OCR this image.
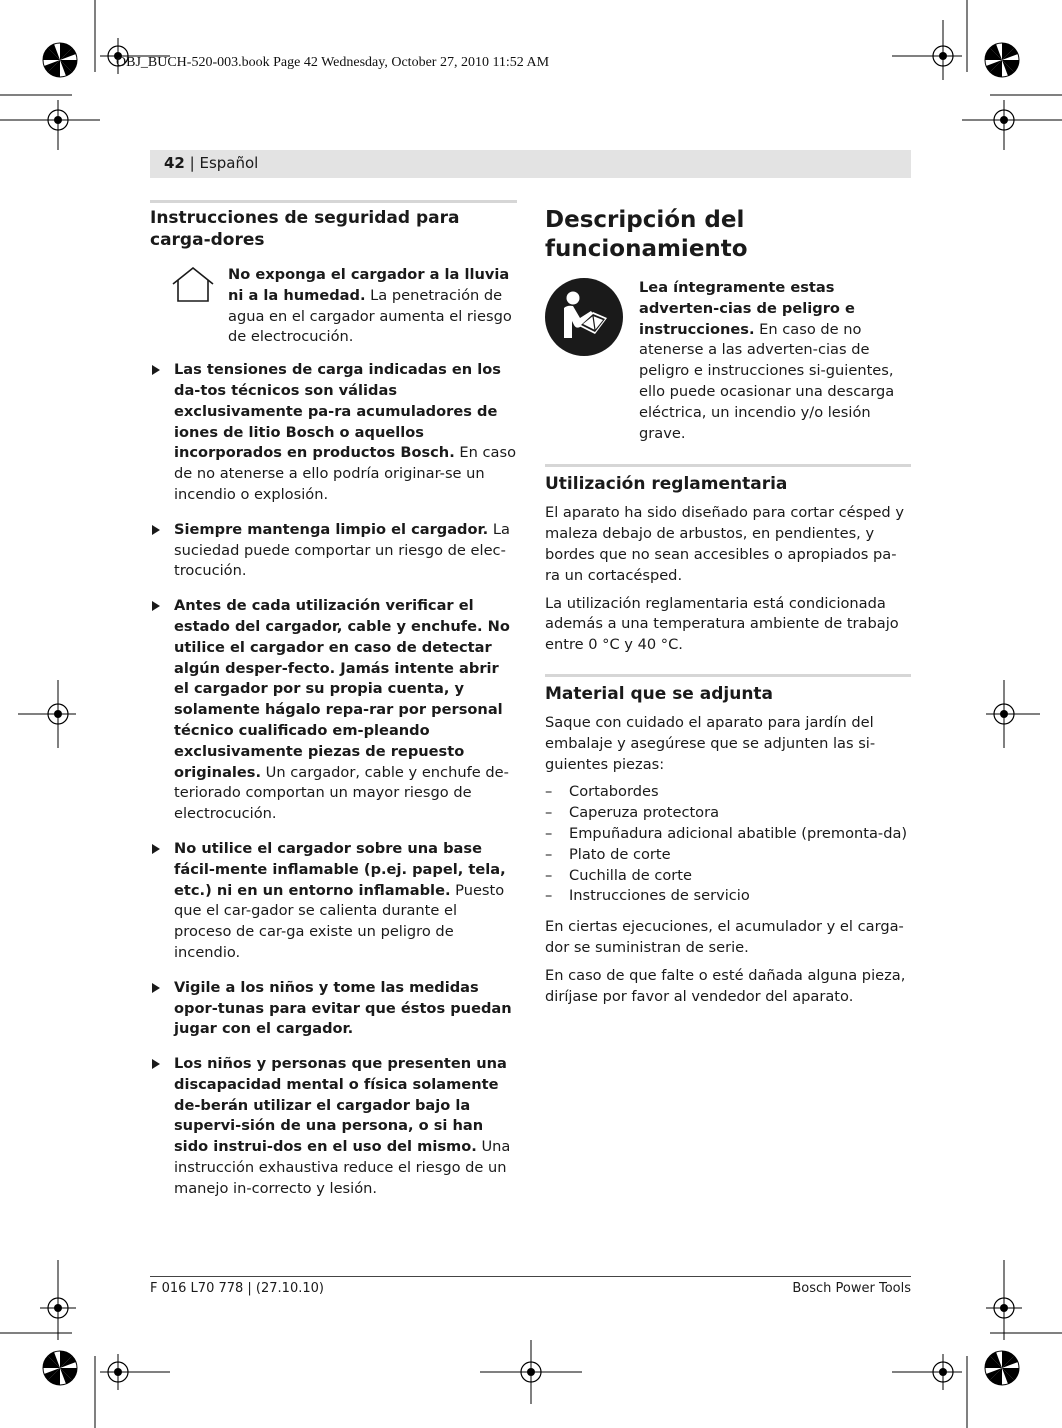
OBJ_BUCH-520-003.book Page 42 Wednesday, October 27, 2010 11:52 AM
42 | Español
Instrucciones de seguridad para carga-dores

No exponga el cargador a la lluvia ni a la humedad. La penetración de agua en el cargador aumenta el riesgo de electrocución.

Las tensiones de carga indicadas en los da-tos técnicos son válidas exclusivamente pa-ra acumuladores de iones de litio Bosch o aquellos incorporados en productos Bosch. En caso de no atenerse a ello podría originar-se un incendio o explosión.

Siempre mantenga limpio el cargador. La suciedad puede comportar un riesgo de elec-trocución.

Antes de cada utilización verificar el estado del cargador, cable y enchufe. No utilice el cargador en caso de detectar algún desper-fecto. Jamás intente abrir el cargador por su propia cuenta, y solamente hágalo repa-rar por personal técnico cualificado em-pleando exclusivamente piezas de repuesto originales. Un cargador, cable y enchufe de-teriorado comportan un mayor riesgo de electrocución.

No utilice el cargador sobre una base fácil-mente inflamable (p.ej. papel, tela, etc.) ni en un entorno inflamable. Puesto que el car-gador se calienta durante el proceso de car-ga existe un peligro de incendio.

Vigile a los niños y tome las medidas opor-tunas para evitar que éstos puedan jugar con el cargador.

Los niños y personas que presenten una discapacidad mental o física solamente de-berán utilizar el cargador bajo la supervi-sión de una persona, o si han sido instrui-dos en el uso del mismo. Una instrucción exhaustiva reduce el riesgo de un manejo in-correcto y lesión.

Descripción del
funcionamiento

Lea íntegramente estas adverten-cias de peligro e instrucciones. En caso de no atenerse a las adverten-cias de peligro e instrucciones si-guientes, ello puede ocasionar una descarga eléctrica, un incendio y/o lesión grave.

Utilización reglamentaria

El aparato ha sido diseñado para cortar césped y maleza debajo de arbustos, en pendientes, y bordes que no sean accesibles o apropiados pa-ra un cortacésped.

La utilización reglamentaria está condicionada además a una temperatura ambiente de trabajo entre 0 °C y 40 °C.

Material que se adjunta

Saque con cuidado el aparato para jardín del embalaje y asegúrese que se adjunten las si-guientes piezas:

– Cortabordes
– Caperuza protectora
– Empuñadura adicional abatible (premonta-da)
– Plato de corte
– Cuchilla de corte
– Instrucciones de servicio

En ciertas ejecuciones, el acumulador y el carga-dor se suministran de serie.

En caso de que falte o esté dañada alguna pieza, diríjase por favor al vendedor del aparato.

F 016 L70 778 | (27.10.10)	Bosch Power Tools
